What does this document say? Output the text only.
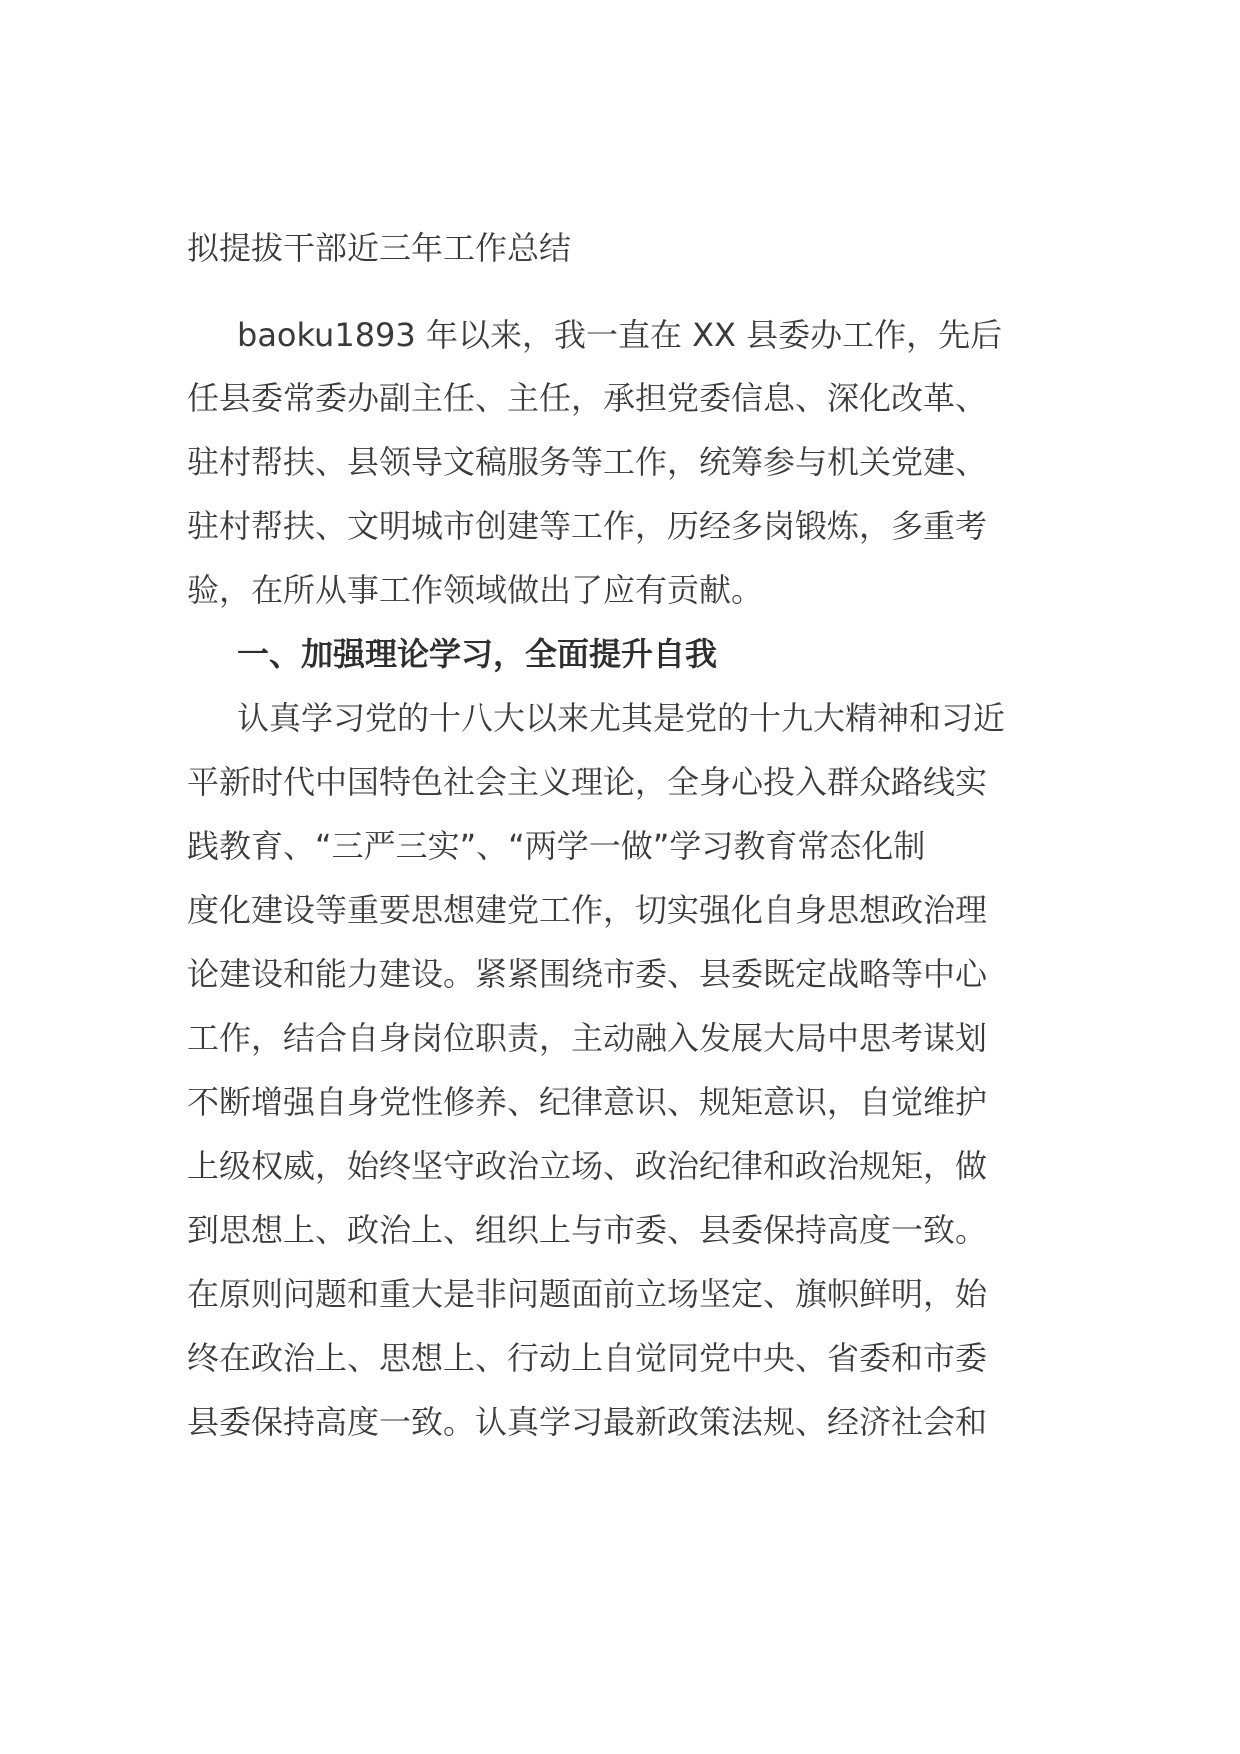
拟提拔干部近三年工作总结
baoku1893 年以来，我一直在 XX 县委办工作，先后
任县委常委办副主任、主任，承担党委信息、深化改革、
驻村帮扶、县领导文稿服务等工作，统筹参与机关党建、
驻村帮扶、文明城市创建等工作，历经多岗锻炼，多重考
验，在所从事工作领域做出了应有贡献。
一、加强理论学习，全面提升自我
认真学习党的十八大以来尤其是党的十九大精神和习近
平新时代中国特色社会主义理论，全身心投入群众路线实
践教育、“三严三实”、“两学一做”学习教育常态化制
度化建设等重要思想建党工作，切实强化自身思想政治理
论建设和能力建设。紧紧围绕市委、县委既定战略等中心
工作，结合自身岗位职责，主动融入发展大局中思考谋划
不断增强自身党性修养、纪律意识、规矩意识，自觉维护
上级权威，始终坚守政治立场、政治纪律和政治规矩，做
到思想上、政治上、组织上与市委、县委保持高度一致。
在原则问题和重大是非问题面前立场坚定、旗帜鲜明，始
终在政治上、思想上、行动上自觉同党中央、省委和市委
县委保持高度一致。认真学习最新政策法规、经济社会和
